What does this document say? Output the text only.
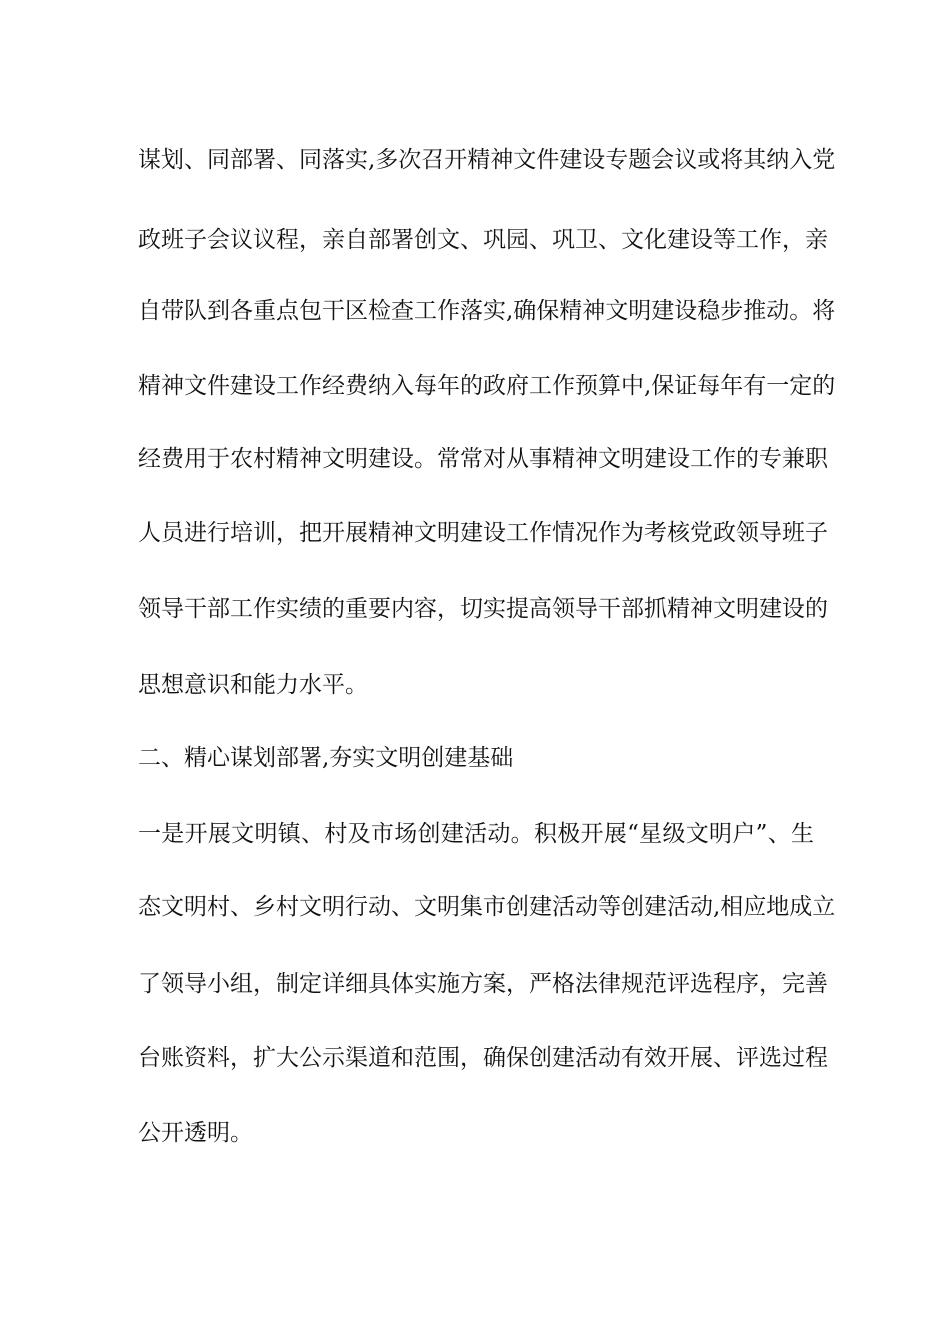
谋划、同部署、同落实,多次召开精神文件建设专题会议或将其纳入党
政班子会议议程，亲自部署创文、巩园、巩卫、文化建设等工作，亲
自带队到各重点包干区检查工作落实,确保精神文明建设稳步推动。将
精神文件建设工作经费纳入每年的政府工作预算中,保证每年有一定的
经费用于农村精神文明建设。常常对从事精神文明建设工作的专兼职
人员进行培训，把开展精神文明建设工作情况作为考核党政领导班子
领导干部工作实绩的重要内容，切实提高领导干部抓精神文明建设的
思想意识和能力水平。
二、精心谋划部署,夯实文明创建基础
一是开展文明镇、村及市场创建活动。积极开展“星级文明户”、生
态文明村、乡村文明行动、文明集市创建活动等创建活动,相应地成立
了领导小组，制定详细具体实施方案，严格法律规范评选程序，完善
台账资料，扩大公示渠道和范围，确保创建活动有效开展、评选过程
公开透明。
